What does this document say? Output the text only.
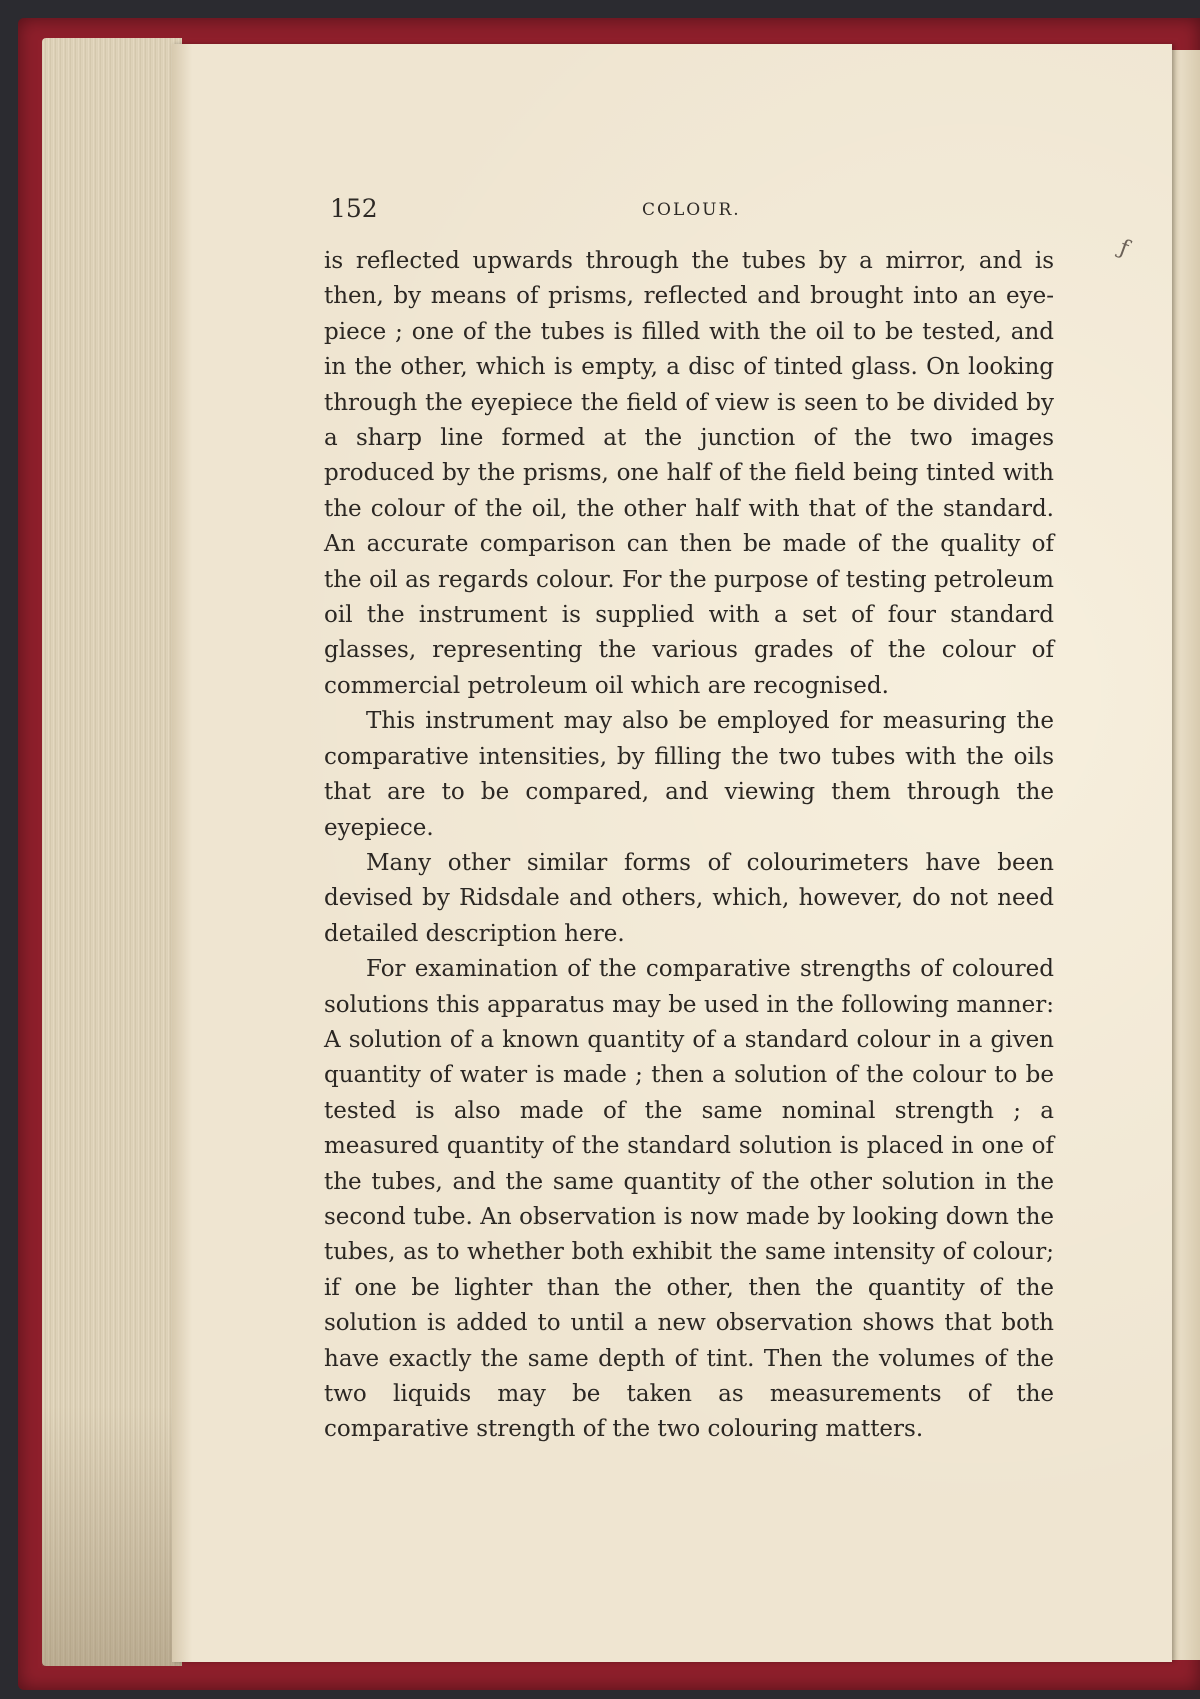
152	COLOUR.
ƒ

is reflected upwards through the tubes by a mirror, and is then, by means of prisms, reflected and brought into an eye-piece ; one of the tubes is filled with the oil to be tested, and in the other, which is empty, a disc of tinted glass. On looking through the eyepiece the field of view is seen to be divided by a sharp line formed at the junction of the two images produced by the prisms, one half of the field being tinted with the colour of the oil, the other half with that of the standard. An accurate comparison can then be made of the quality of the oil as regards colour. For the purpose of testing petroleum oil the instrument is supplied with a set of four standard glasses, representing the various grades of the colour of commercial petroleum oil which are recognised.

This instrument may also be employed for measuring the comparative intensities, by filling the two tubes with the oils that are to be compared, and viewing them through the eyepiece.

Many other similar forms of colourimeters have been devised by Ridsdale and others, which, however, do not need detailed description here.

For examination of the comparative strengths of coloured solutions this apparatus may be used in the following manner: A solution of a known quantity of a standard colour in a given quantity of water is made ; then a solution of the colour to be tested is also made of the same nominal strength ; a measured quantity of the standard solution is placed in one of the tubes, and the same quantity of the other solution in the second tube. An observation is now made by looking down the tubes, as to whether both exhibit the same intensity of colour; if one be lighter than the other, then the quantity of the solution is added to until a new observation shows that both have exactly the same depth of tint. Then the volumes of the two liquids may be taken as measurements of the comparative strength of the two colouring matters.
